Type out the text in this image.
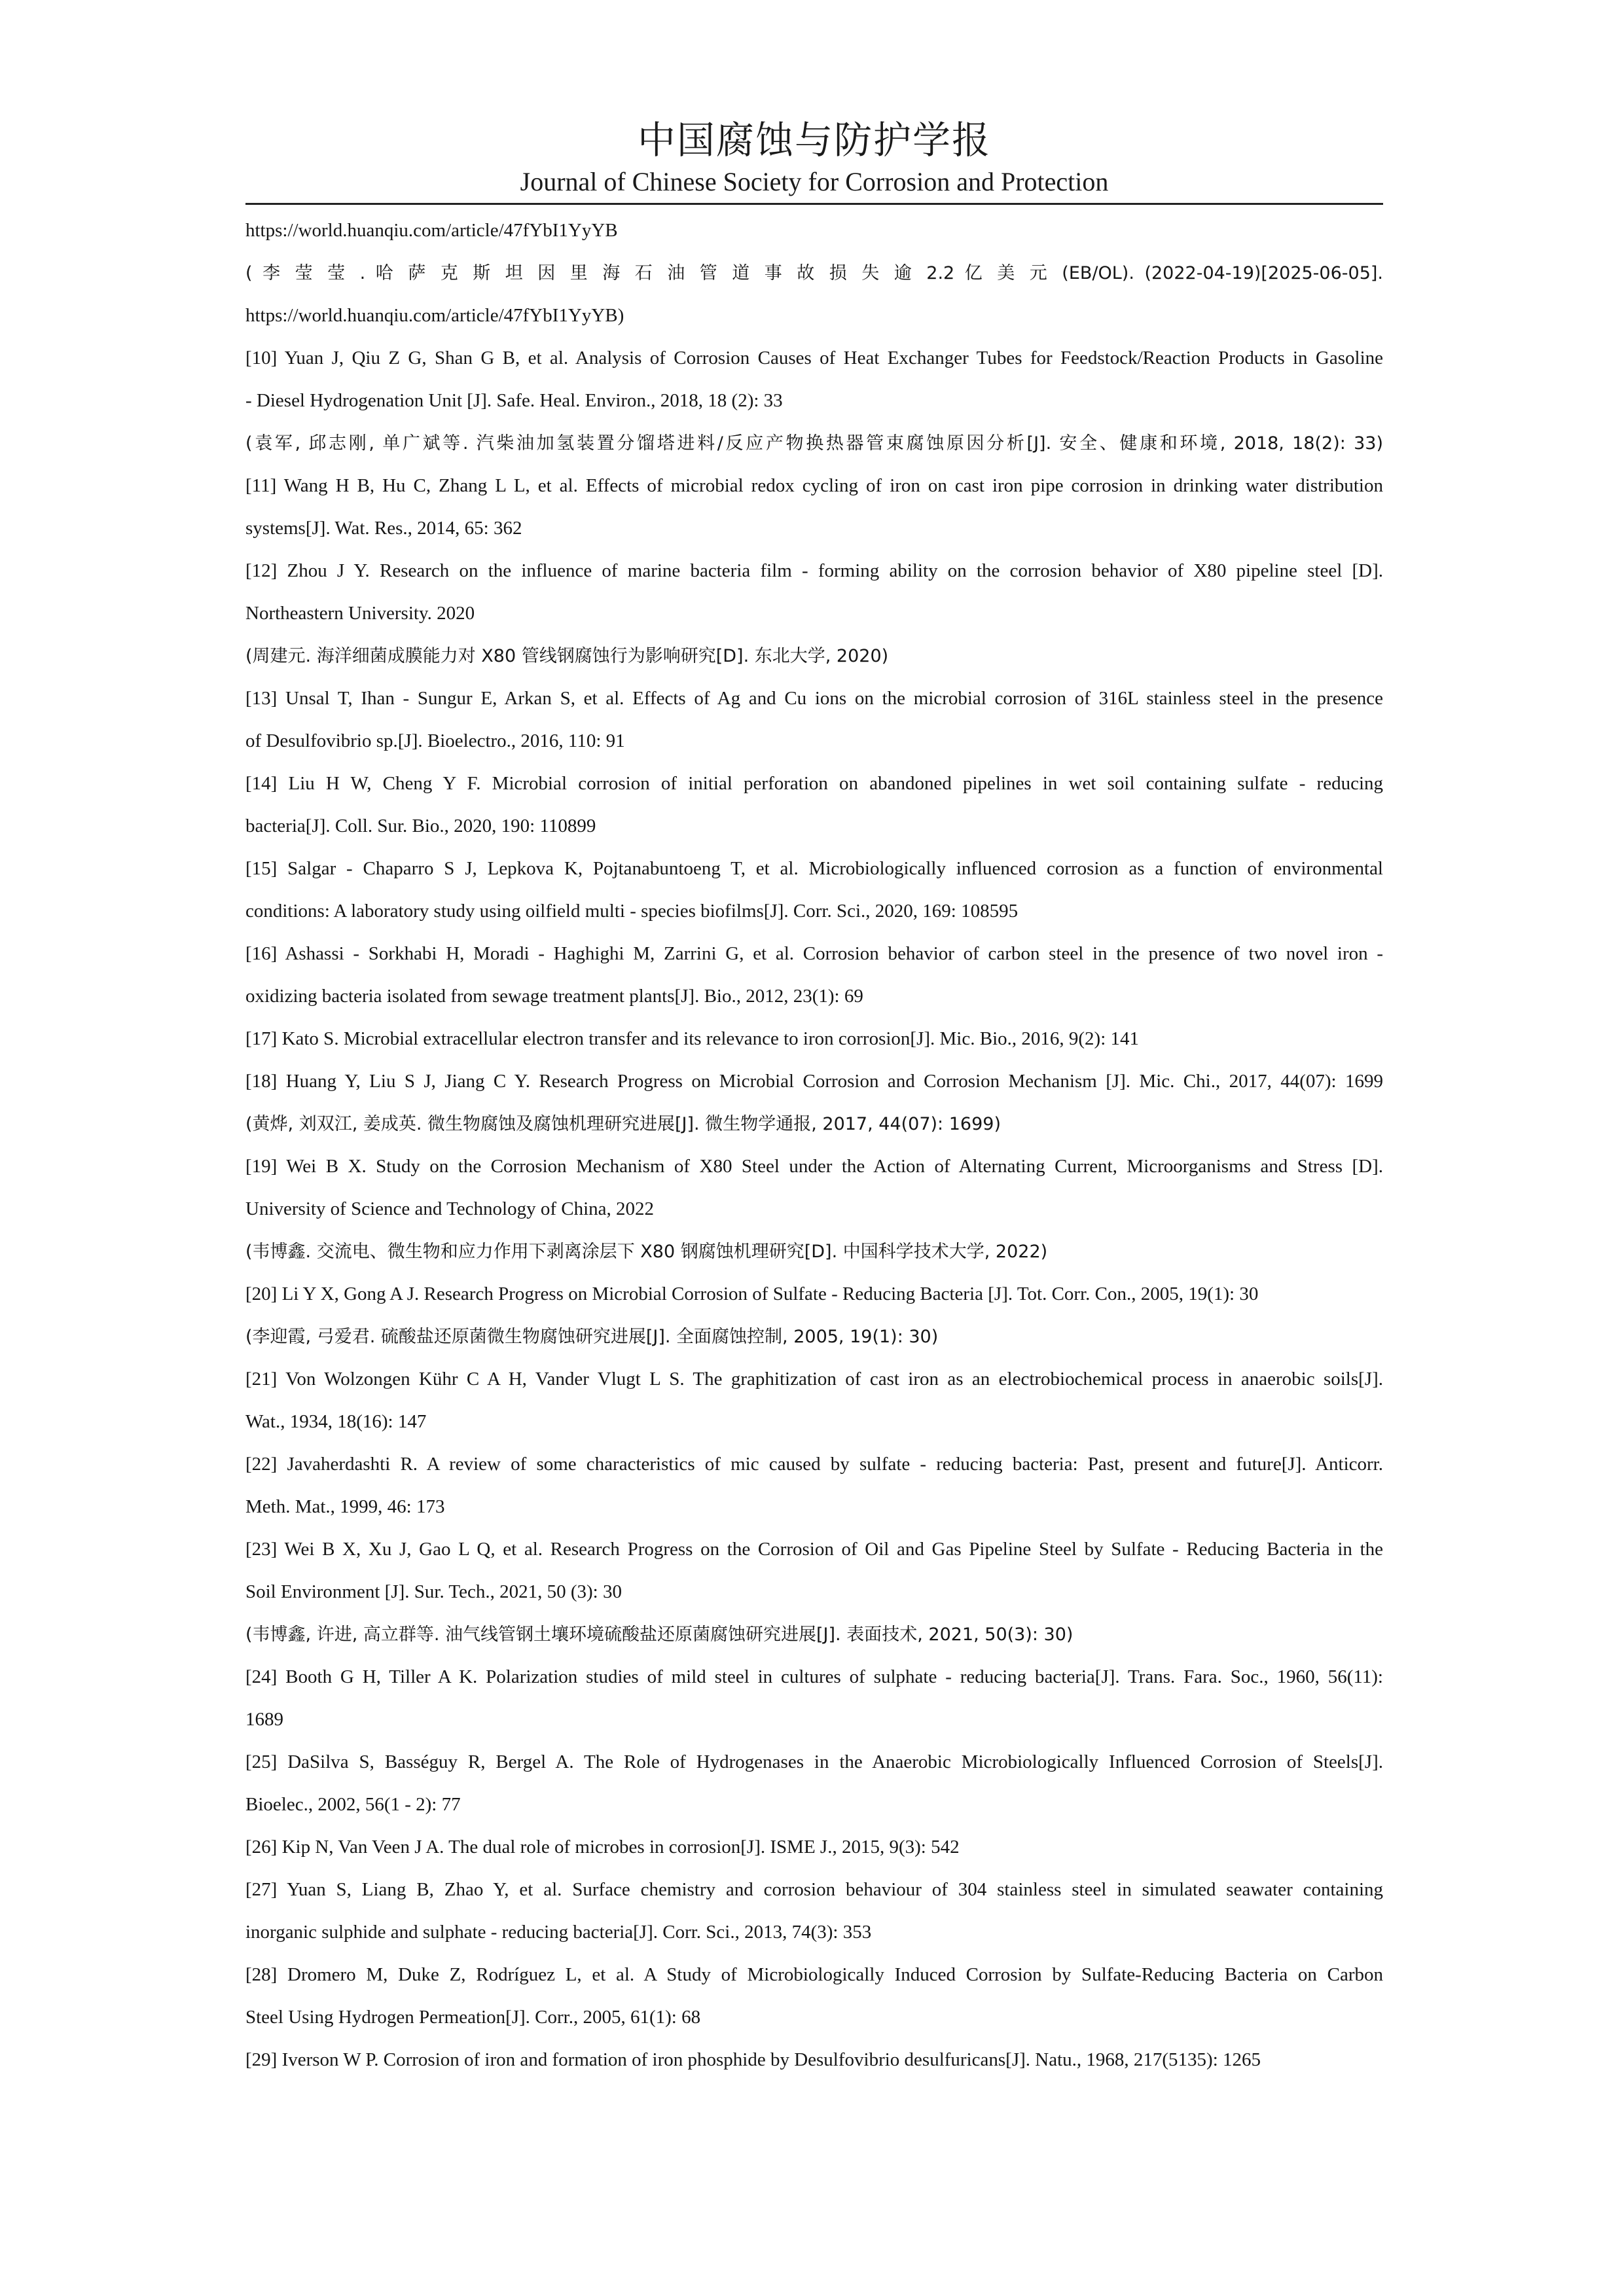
中国腐蚀与防护学报
Journal of Chinese Society for Corrosion and Protection
https://world.huanqiu.com/article/47fYbI1YyYB
( 李 莹 莹 . 哈 萨 克 斯 坦 因 里 海 石 油 管 道 事 故 损 失 逾 2.2 亿 美 元 (EB/OL). (2022-04-19)[2025-06-05].
https://world.huanqiu.com/article/47fYbI1YyYB)
[10] Yuan J, Qiu Z G, Shan G B, et al. Analysis of Corrosion Causes of Heat Exchanger Tubes for Feedstock/Reaction Products in Gasoline
- Diesel Hydrogenation Unit [J]. Safe. Heal. Environ., 2018, 18 (2): 33
(袁军, 邱志刚, 单广斌等. 汽柴油加氢装置分馏塔进料/反应产物换热器管束腐蚀原因分析[J]. 安全、健康和环境, 2018, 18(2): 33)
[11] Wang H B, Hu C, Zhang L L, et al. Effects of microbial redox cycling of iron on cast iron pipe corrosion in drinking water distribution
systems[J]. Wat. Res., 2014, 65: 362
[12] Zhou J Y. Research on the influence of marine bacteria film - forming ability on the corrosion behavior of X80 pipeline steel [D].
Northeastern University. 2020
(周建元. 海洋细菌成膜能力对 X80 管线钢腐蚀行为影响研究[D]. 东北大学, 2020)
[13] Unsal T, Ihan - Sungur E, Arkan S, et al. Effects of Ag and Cu ions on the microbial corrosion of 316L stainless steel in the presence
of Desulfovibrio sp.[J]. Bioelectro., 2016, 110: 91
[14] Liu H W, Cheng Y F. Microbial corrosion of initial perforation on abandoned pipelines in wet soil containing sulfate - reducing
bacteria[J]. Coll. Sur. Bio., 2020, 190: 110899
[15] Salgar - Chaparro S J, Lepkova K, Pojtanabuntoeng T, et al. Microbiologically influenced corrosion as a function of environmental
conditions: A laboratory study using oilfield multi - species biofilms[J]. Corr. Sci., 2020, 169: 108595
[16] Ashassi - Sorkhabi H, Moradi - Haghighi M, Zarrini G, et al. Corrosion behavior of carbon steel in the presence of two novel iron -
oxidizing bacteria isolated from sewage treatment plants[J]. Bio., 2012, 23(1): 69
[17] Kato S. Microbial extracellular electron transfer and its relevance to iron corrosion[J]. Mic. Bio., 2016, 9(2): 141
[18] Huang Y, Liu S J, Jiang C Y. Research Progress on Microbial Corrosion and Corrosion Mechanism [J]. Mic. Chi., 2017, 44(07): 1699
(黄烨, 刘双江, 姜成英. 微生物腐蚀及腐蚀机理研究进展[J]. 微生物学通报, 2017, 44(07): 1699)
[19] Wei B X. Study on the Corrosion Mechanism of X80 Steel under the Action of Alternating Current, Microorganisms and Stress [D].
University of Science and Technology of China, 2022
(韦博鑫. 交流电、微生物和应力作用下剥离涂层下 X80 钢腐蚀机理研究[D]. 中国科学技术大学, 2022)
[20] Li Y X, Gong A J. Research Progress on Microbial Corrosion of Sulfate - Reducing Bacteria [J]. Tot. Corr. Con., 2005, 19(1): 30
(李迎霞, 弓爱君. 硫酸盐还原菌微生物腐蚀研究进展[J]. 全面腐蚀控制, 2005, 19(1): 30)
[21] Von Wolzongen Kühr C A H, Vander Vlugt L S. The graphitization of cast iron as an electrobiochemical process in anaerobic soils[J].
Wat., 1934, 18(16): 147
[22] Javaherdashti R. A review of some characteristics of mic caused by sulfate - reducing bacteria: Past, present and future[J]. Anticorr.
Meth. Mat., 1999, 46: 173
[23] Wei B X, Xu J, Gao L Q, et al. Research Progress on the Corrosion of Oil and Gas Pipeline Steel by Sulfate - Reducing Bacteria in the
Soil Environment [J]. Sur. Tech., 2021, 50 (3): 30
(韦博鑫, 许进, 高立群等. 油气线管钢土壤环境硫酸盐还原菌腐蚀研究进展[J]. 表面技术, 2021, 50(3): 30)
[24] Booth G H, Tiller A K. Polarization studies of mild steel in cultures of sulphate - reducing bacteria[J]. Trans. Fara. Soc., 1960, 56(11):
1689
[25] DaSilva S, Basséguy R, Bergel A. The Role of Hydrogenases in the Anaerobic Microbiologically Influenced Corrosion of Steels[J].
Bioelec., 2002, 56(1 - 2): 77
[26] Kip N, Van Veen J A. The dual role of microbes in corrosion[J]. ISME J., 2015, 9(3): 542
[27] Yuan S, Liang B, Zhao Y, et al. Surface chemistry and corrosion behaviour of 304 stainless steel in simulated seawater containing
inorganic sulphide and sulphate - reducing bacteria[J]. Corr. Sci., 2013, 74(3): 353
[28] Dromero M, Duke Z, Rodríguez L, et al. A Study of Microbiologically Induced Corrosion by Sulfate-Reducing Bacteria on Carbon
Steel Using Hydrogen Permeation[J]. Corr., 2005, 61(1): 68
[29] Iverson W P. Corrosion of iron and formation of iron phosphide by Desulfovibrio desulfuricans[J]. Natu., 1968, 217(5135): 1265
